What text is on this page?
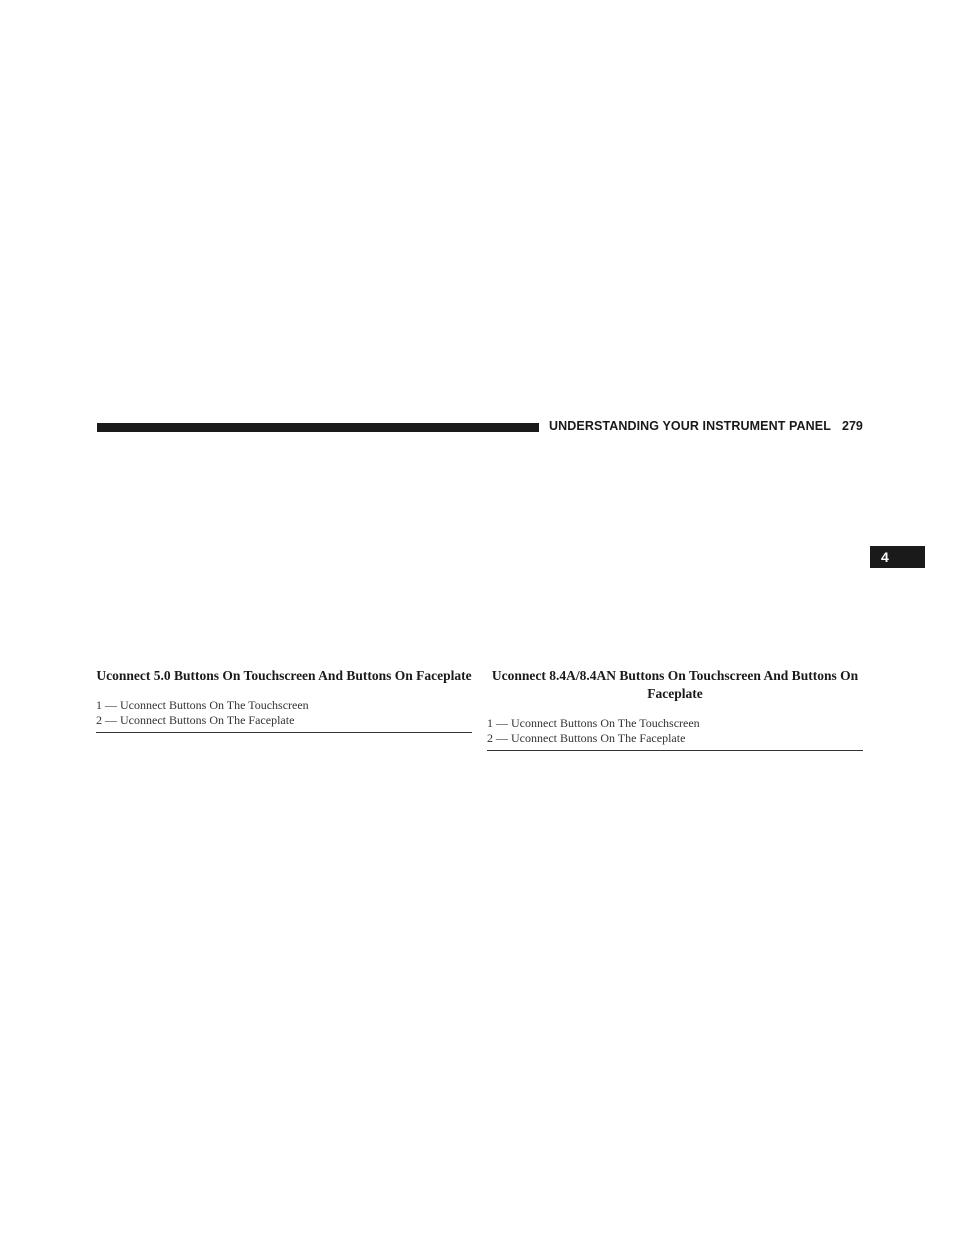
UNDERSTANDING YOUR INSTRUMENT PANEL 279
4
Uconnect 5.0 Buttons On Touchscreen And Buttons On Faceplate
1 — Uconnect Buttons On The Touchscreen
2 — Uconnect Buttons On The Faceplate
Uconnect 8.4A/8.4AN Buttons On Touchscreen And Buttons On Faceplate
1 — Uconnect Buttons On The Touchscreen
2 — Uconnect Buttons On The Faceplate
